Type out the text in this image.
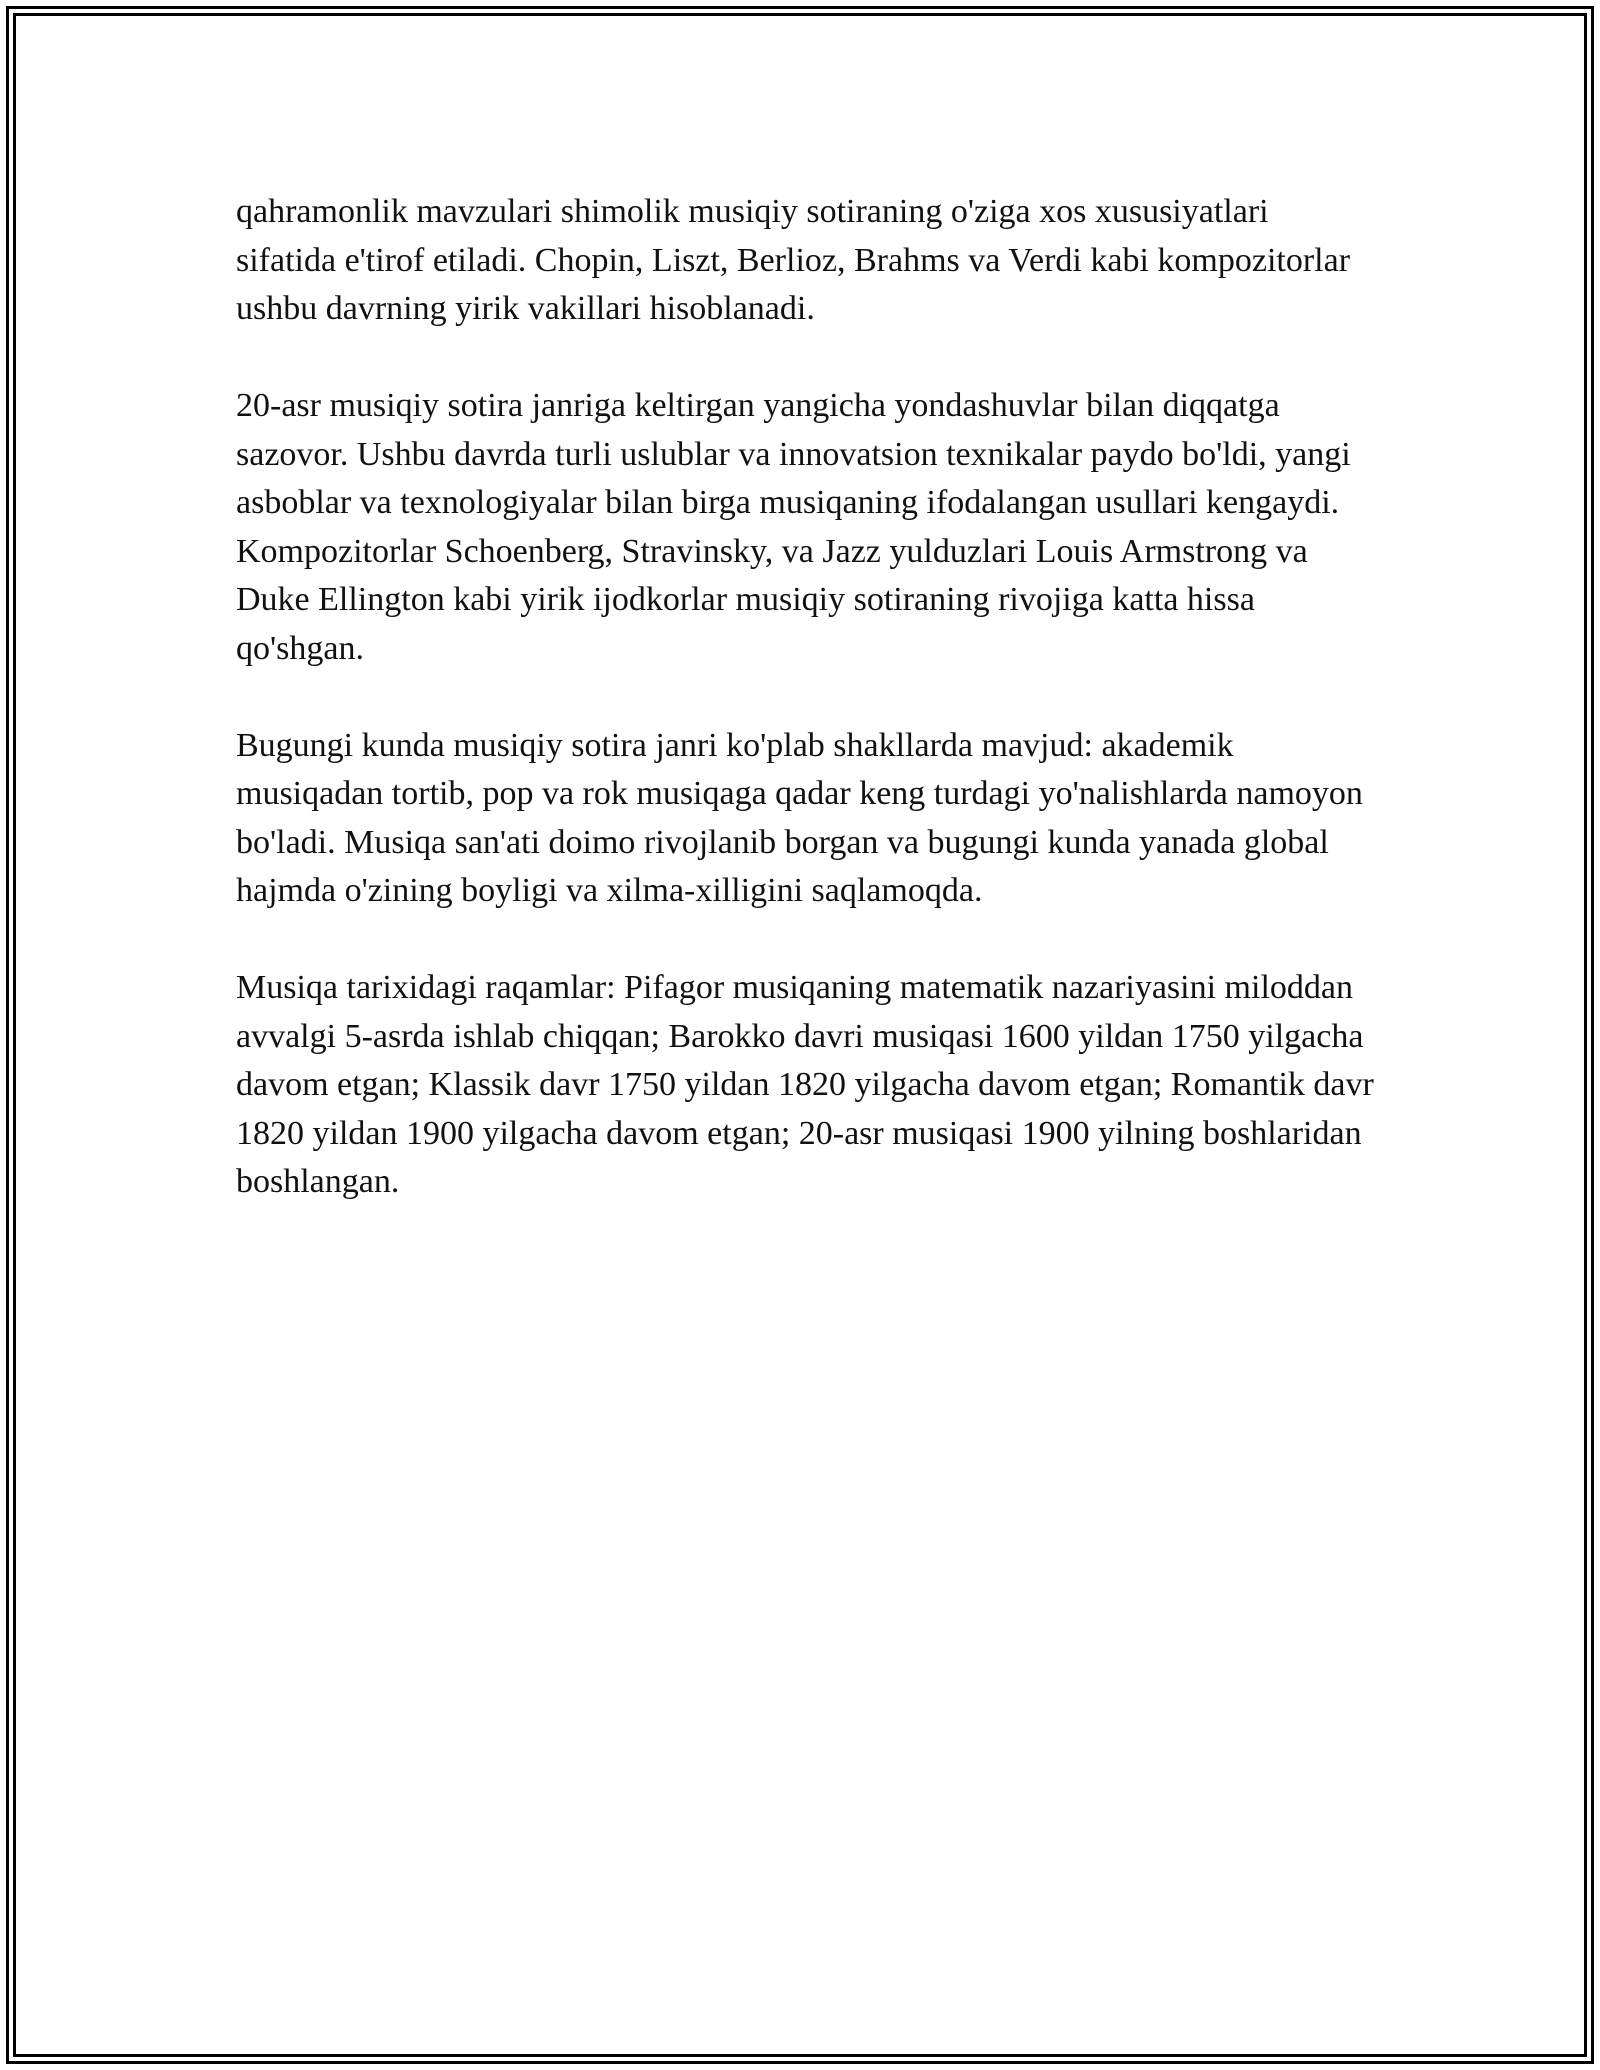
qahramonlik mavzulari shimolik musiqiy sotiraning o'ziga xos xususiyatlari sifatida e'tirof etiladi. Chopin, Liszt, Berlioz, Brahms va Verdi kabi kompozitorlar ushbu davrning yirik vakillari hisoblanadi.

20-asr musiqiy sotira janriga keltirgan yangicha yondashuvlar bilan diqqatga sazovor. Ushbu davrda turli uslublar va innovatsion texnikalar paydo bo'ldi, yangi asboblar va texnologiyalar bilan birga musiqaning ifodalangan usullari kengaydi. Kompozitorlar Schoenberg, Stravinsky, va Jazz yulduzlari Louis Armstrong va Duke Ellington kabi yirik ijodkorlar musiqiy sotiraning rivojiga katta hissa qo'shgan.

Bugungi kunda musiqiy sotira janri ko'plab shakllarda mavjud: akademik musiqadan tortib, pop va rok musiqaga qadar keng turdagi yo'nalishlarda namoyon bo'ladi. Musiqa san'ati doimo rivojlanib borgan va bugungi kunda yanada global hajmda o'zining boyligi va xilma-xilligini saqlamoqda.

Musiqa tarixidagi raqamlar: Pifagor musiqaning matematik nazariyasini miloddan avvalgi 5-asrda ishlab chiqqan; Barokko davri musiqasi 1600 yildan 1750 yilgacha davom etgan; Klassik davr 1750 yildan 1820 yilgacha davom etgan; Romantik davr 1820 yildan 1900 yilgacha davom etgan; 20-asr musiqasi 1900 yilning boshlaridan boshlangan.
